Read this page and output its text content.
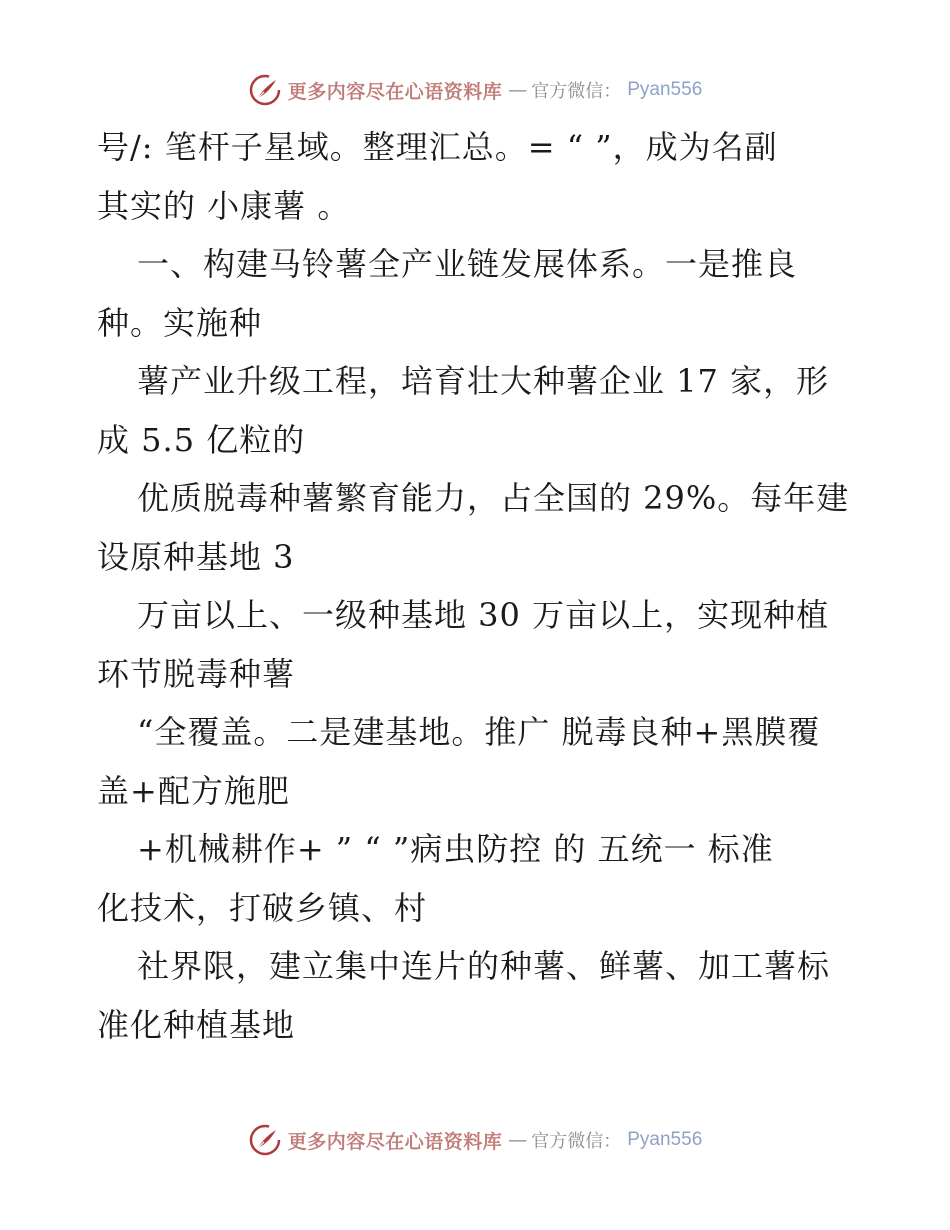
更多内容尽在心语资料库 — 官方微信： Pyan556
号/: 笔杆子星域。整理汇总。= “ ”，成为名副
其实的 小康薯 。
一、构建马铃薯全产业链发展体系。一是推良
种。实施种
薯产业升级工程，培育壮大种薯企业 17 家，形
成 5.5 亿粒的
优质脱毒种薯繁育能力，占全国的 29%。每年建
设原种基地 3
万亩以上、一级种基地 30 万亩以上，实现种植
环节脱毒种薯
“全覆盖。二是建基地。推广 脱毒良种+黑膜覆
盖+配方施肥
+机械耕作+ ” “ ”病虫防控 的 五统一 标准
化技术，打破乡镇、村
社界限，建立集中连片的种薯、鲜薯、加工薯标
准化种植基地
更多内容尽在心语资料库 — 官方微信： Pyan556
